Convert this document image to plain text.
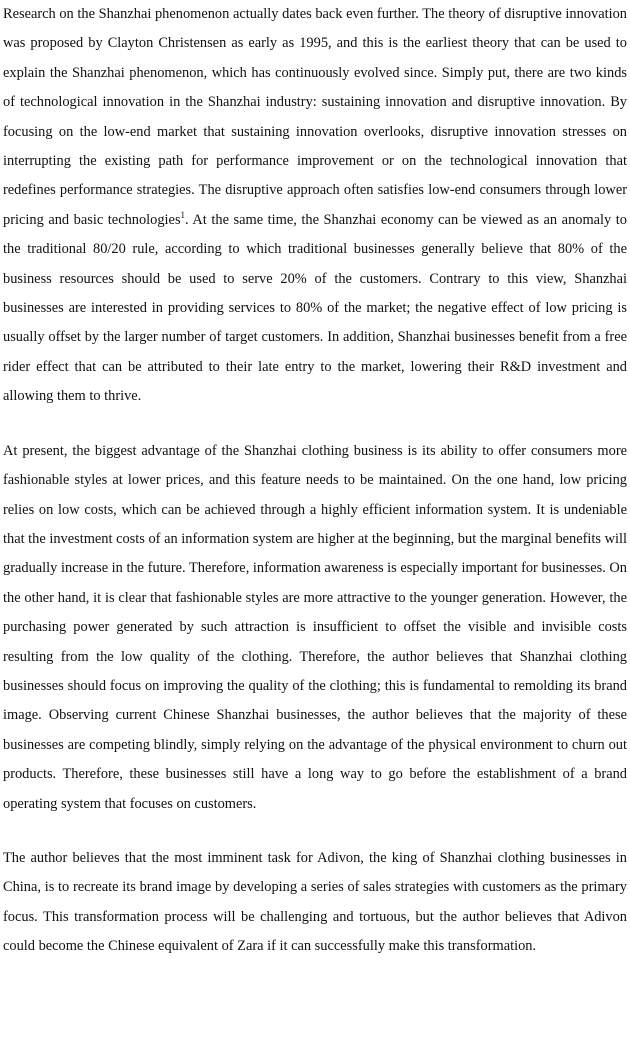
Research on the Shanzhai phenomenon actually dates back even further. The theory of disruptive innovation was proposed by Clayton Christensen as early as 1995, and this is the earliest theory that can be used to explain the Shanzhai phenomenon, which has continuously evolved since. Simply put, there are two kinds of technological innovation in the Shanzhai industry: sustaining innovation and disruptive innovation. By focusing on the low-end market that sustaining innovation overlooks, disruptive innovation stresses on interrupting the existing path for performance improvement or on the technological innovation that redefines performance strategies. The disruptive approach often satisfies low-end consumers through lower pricing and basic technologies$^1$. At the same time, the Shanzhai economy can be viewed as an anomaly to the traditional 80/20 rule, according to which traditional businesses generally believe that 80% of the business resources should be used to serve 20% of the customers. Contrary to this view, Shanzhai businesses are interested in providing services to 80% of the market; the negative effect of low pricing is usually offset by the larger number of target customers. In addition, Shanzhai businesses benefit from a free rider effect that can be attributed to their late entry to the market, lowering their R&D investment and allowing them to thrive.

At present, the biggest advantage of the Shanzhai clothing business is its ability to offer consumers more fashionable styles at lower prices, and this feature needs to be maintained. On the one hand, low pricing relies on low costs, which can be achieved through a highly efficient information system. It is undeniable that the investment costs of an information system are higher at the beginning, but the marginal benefits will gradually increase in the future. Therefore, information awareness is especially important for businesses. On the other hand, it is clear that fashionable styles are more attractive to the younger generation. However, the purchasing power generated by such attraction is insufficient to offset the visible and invisible costs resulting from the low quality of the clothing. Therefore, the author believes that Shanzhai clothing businesses should focus on improving the quality of the clothing; this is fundamental to remolding its brand image. Observing current Chinese Shanzhai businesses, the author believes that the majority of these businesses are competing blindly, simply relying on the advantage of the physical environment to churn out products. Therefore, these businesses still have a long way to go before the establishment of a brand operating system that focuses on customers.

The author believes that the most imminent task for Adivon, the king of Shanzhai clothing businesses in China, is to recreate its brand image by developing a series of sales strategies with customers as the primary focus. This transformation process will be challenging and tortuous, but the author believes that Adivon could become the Chinese equivalent of Zara if it can successfully make this transformation.
